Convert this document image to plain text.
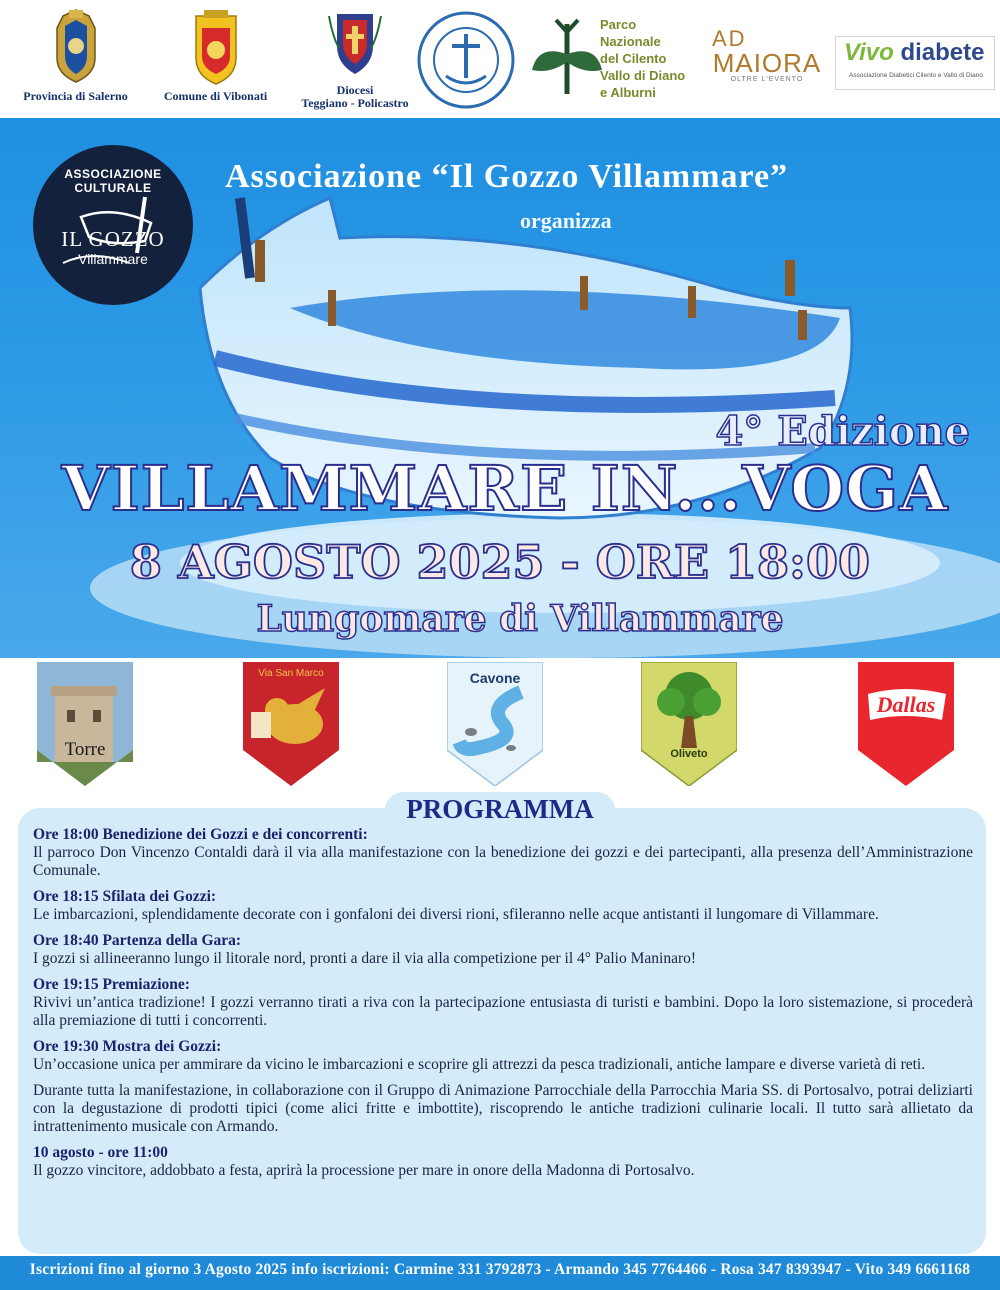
Provincia di Salerno	Comune di Vibonati	Diocesi
Teggiano - Policastro
Parco Nazionale
del Cilento
Vallo di Diano
e Alburni
AD
MAIORA
OLTRE L'EVENTO
Vivo diabete
Associazione Diabetici Cilento e Vallo di Diano
ASSOCIAZIONE CULTURALE
IL GOZZO
Villammare
Associazione “Il Gozzo Villammare”
organizza
4° Edizione
VILLAMMARE IN...VOGA
8 AGOSTO 2025 - ORE 18:00
Lungomare di Villammare
Torre
Via San Marco	Cavone
Oliveto
Dallas
PROGRAMMA
Ore 18:00 Benedizione dei Gozzi e dei concorrenti:
Il parroco Don Vincenzo Contaldi darà il via alla manifestazione con la benedizione dei gozzi e dei partecipanti, alla presenza dell’Amministrazione Comunale.
Ore 18:15 Sfilata dei Gozzi:
Le imbarcazioni, splendidamente decorate con i gonfaloni dei diversi rioni, sfileranno nelle acque antistanti il lungomare di Villammare.
Ore 18:40 Partenza della Gara:
I gozzi si allineeranno lungo il litorale nord, pronti a dare il via alla competizione per il 4° Palio Maninaro!
Ore 19:15 Premiazione:
Rivivi un’antica tradizione! I gozzi verranno tirati a riva con la partecipazione entusiasta di turisti e bambini. Dopo la loro sistemazione, si procederà alla premiazione di tutti i concorrenti.
Ore 19:30 Mostra dei Gozzi:
Un’occasione unica per ammirare da vicino le imbarcazioni e scoprire gli attrezzi da pesca tradizionali, antiche lampare e diverse varietà di reti.
Durante tutta la manifestazione, in collaborazione con il Gruppo di Animazione Parrocchiale della Parrocchia Maria SS. di Portosalvo, potrai deliziarti con la degustazione di prodotti tipici (come alici fritte e imbottite), riscoprendo le antiche tradizioni culinarie locali. Il tutto sarà allietato da intrattenimento musicale con Armando.
10 agosto - ore 11:00
Il gozzo vincitore, addobbato a festa, aprirà la processione per mare in onore della Madonna di Portosalvo.
Iscrizioni fino al giorno 3 Agosto 2025 info iscrizioni: Carmine 331 3792873 - Armando 345 7764466 - Rosa 347 8393947 - Vito 349 6661168
